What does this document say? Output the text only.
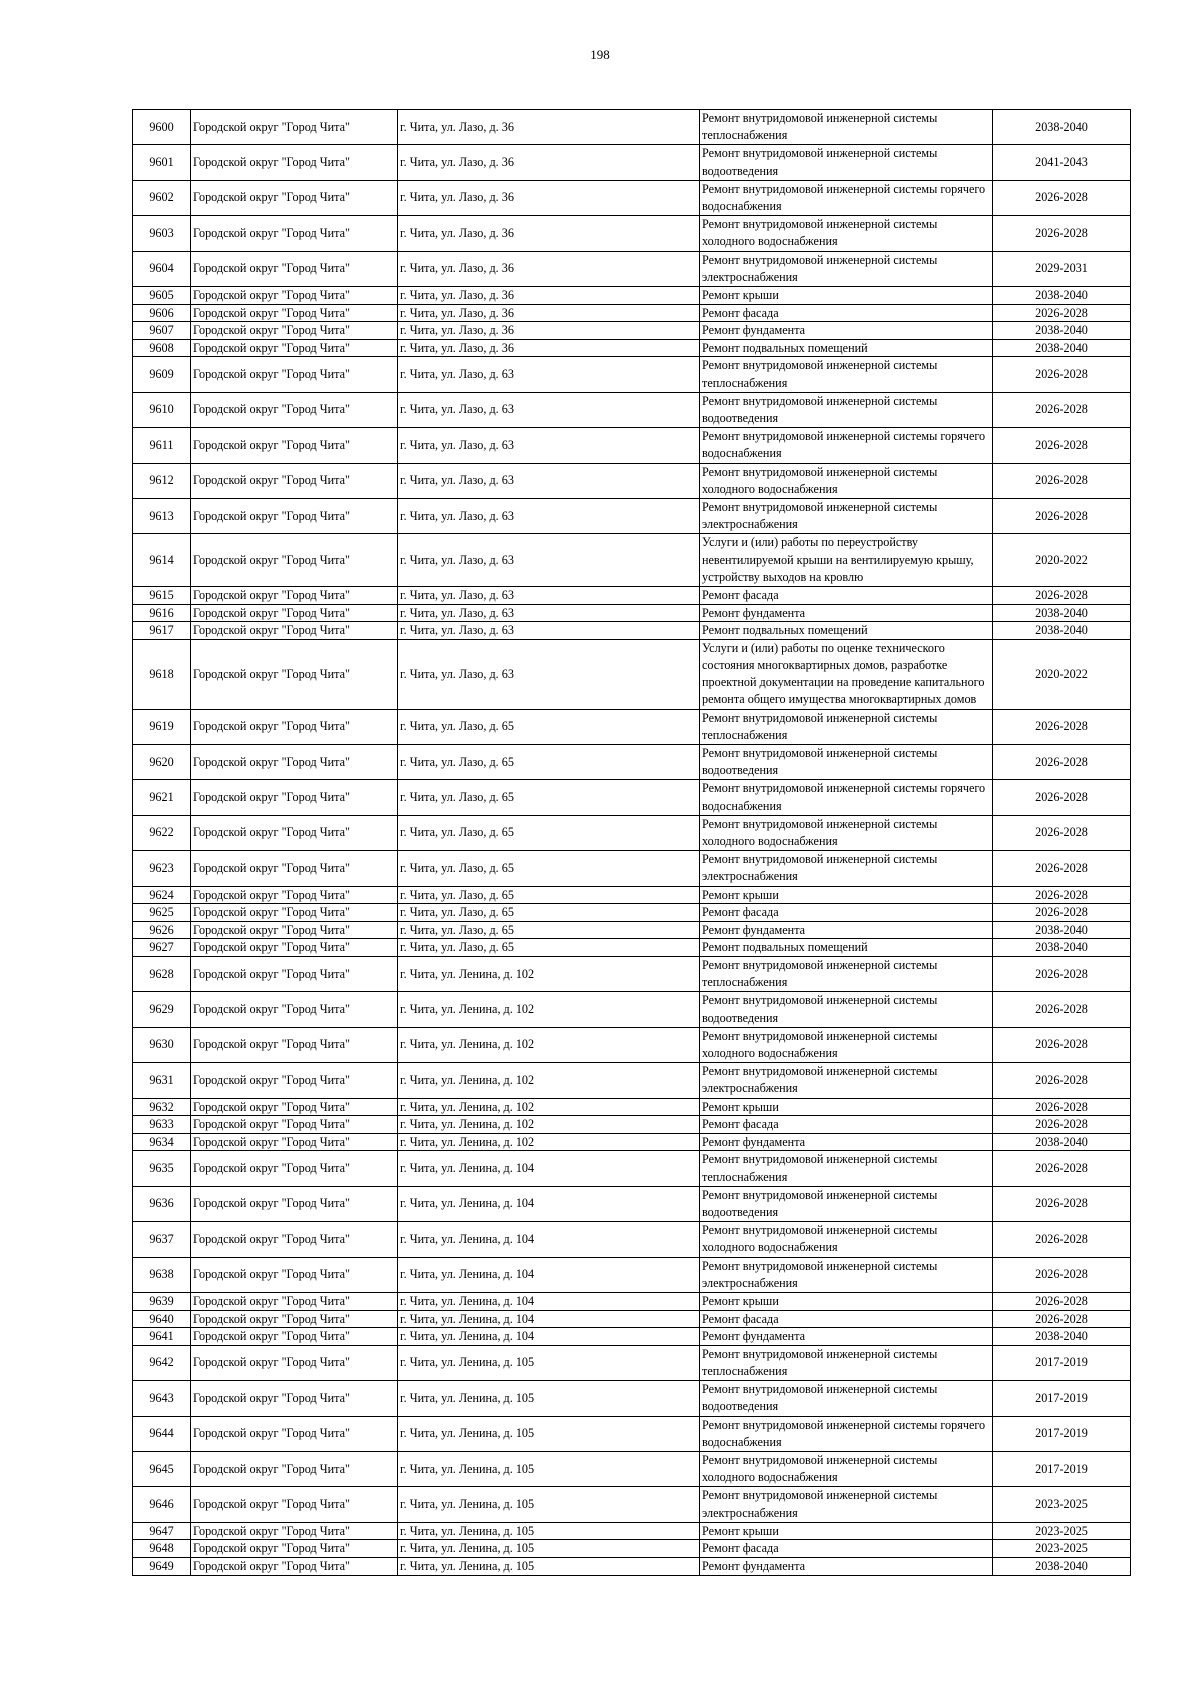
198
9600	Городской округ "Город Чита"	г. Чита, ул. Лазо, д. 36	Ремонт внутридомовой инженерной системы теплоснабжения	2038-2040
9601	Городской округ "Город Чита"	г. Чита, ул. Лазо, д. 36	Ремонт внутридомовой инженерной системы водоотведения	2041-2043
9602	Городской округ "Город Чита"	г. Чита, ул. Лазо, д. 36	Ремонт внутридомовой инженерной системы горячего водоснабжения	2026-2028
9603	Городской округ "Город Чита"	г. Чита, ул. Лазо, д. 36	Ремонт внутридомовой инженерной системы холодного водоснабжения	2026-2028
9604	Городской округ "Город Чита"	г. Чита, ул. Лазо, д. 36	Ремонт внутридомовой инженерной системы электроснабжения	2029-2031
9605	Городской округ "Город Чита"	г. Чита, ул. Лазо, д. 36	Ремонт крыши	2038-2040
9606	Городской округ "Город Чита"	г. Чита, ул. Лазо, д. 36	Ремонт фасада	2026-2028
9607	Городской округ "Город Чита"	г. Чита, ул. Лазо, д. 36	Ремонт фундамента	2038-2040
9608	Городской округ "Город Чита"	г. Чита, ул. Лазо, д. 36	Ремонт подвальных помещений	2038-2040
9609	Городской округ "Город Чита"	г. Чита, ул. Лазо, д. 63	Ремонт внутридомовой инженерной системы теплоснабжения	2026-2028
9610	Городской округ "Город Чита"	г. Чита, ул. Лазо, д. 63	Ремонт внутридомовой инженерной системы водоотведения	2026-2028
9611	Городской округ "Город Чита"	г. Чита, ул. Лазо, д. 63	Ремонт внутридомовой инженерной системы горячего водоснабжения	2026-2028
9612	Городской округ "Город Чита"	г. Чита, ул. Лазо, д. 63	Ремонт внутридомовой инженерной системы холодного водоснабжения	2026-2028
9613	Городской округ "Город Чита"	г. Чита, ул. Лазо, д. 63	Ремонт внутридомовой инженерной системы электроснабжения	2026-2028
9614	Городской округ "Город Чита"	г. Чита, ул. Лазо, д. 63	Услуги и (или) работы по переустройству невентилируемой крыши на вентилируемую крышу, устройству выходов на кровлю	2020-2022
9615	Городской округ "Город Чита"	г. Чита, ул. Лазо, д. 63	Ремонт фасада	2026-2028
9616	Городской округ "Город Чита"	г. Чита, ул. Лазо, д. 63	Ремонт фундамента	2038-2040
9617	Городской округ "Город Чита"	г. Чита, ул. Лазо, д. 63	Ремонт подвальных помещений	2038-2040
9618	Городской округ "Город Чита"	г. Чита, ул. Лазо, д. 63	Услуги и (или) работы по оценке технического состояния многоквартирных домов, разработке проектной документации на проведение капитального ремонта общего имущества многоквартирных домов	2020-2022
9619	Городской округ "Город Чита"	г. Чита, ул. Лазо, д. 65	Ремонт внутридомовой инженерной системы теплоснабжения	2026-2028
9620	Городской округ "Город Чита"	г. Чита, ул. Лазо, д. 65	Ремонт внутридомовой инженерной системы водоотведения	2026-2028
9621	Городской округ "Город Чита"	г. Чита, ул. Лазо, д. 65	Ремонт внутридомовой инженерной системы горячего водоснабжения	2026-2028
9622	Городской округ "Город Чита"	г. Чита, ул. Лазо, д. 65	Ремонт внутридомовой инженерной системы холодного водоснабжения	2026-2028
9623	Городской округ "Город Чита"	г. Чита, ул. Лазо, д. 65	Ремонт внутридомовой инженерной системы электроснабжения	2026-2028
9624	Городской округ "Город Чита"	г. Чита, ул. Лазо, д. 65	Ремонт крыши	2026-2028
9625	Городской округ "Город Чита"	г. Чита, ул. Лазо, д. 65	Ремонт фасада	2026-2028
9626	Городской округ "Город Чита"	г. Чита, ул. Лазо, д. 65	Ремонт фундамента	2038-2040
9627	Городской округ "Город Чита"	г. Чита, ул. Лазо, д. 65	Ремонт подвальных помещений	2038-2040
9628	Городской округ "Город Чита"	г. Чита, ул. Ленина, д. 102	Ремонт внутридомовой инженерной системы теплоснабжения	2026-2028
9629	Городской округ "Город Чита"	г. Чита, ул. Ленина, д. 102	Ремонт внутридомовой инженерной системы водоотведения	2026-2028
9630	Городской округ "Город Чита"	г. Чита, ул. Ленина, д. 102	Ремонт внутридомовой инженерной системы холодного водоснабжения	2026-2028
9631	Городской округ "Город Чита"	г. Чита, ул. Ленина, д. 102	Ремонт внутридомовой инженерной системы электроснабжения	2026-2028
9632	Городской округ "Город Чита"	г. Чита, ул. Ленина, д. 102	Ремонт крыши	2026-2028
9633	Городской округ "Город Чита"	г. Чита, ул. Ленина, д. 102	Ремонт фасада	2026-2028
9634	Городской округ "Город Чита"	г. Чита, ул. Ленина, д. 102	Ремонт фундамента	2038-2040
9635	Городской округ "Город Чита"	г. Чита, ул. Ленина, д. 104	Ремонт внутридомовой инженерной системы теплоснабжения	2026-2028
9636	Городской округ "Город Чита"	г. Чита, ул. Ленина, д. 104	Ремонт внутридомовой инженерной системы водоотведения	2026-2028
9637	Городской округ "Город Чита"	г. Чита, ул. Ленина, д. 104	Ремонт внутридомовой инженерной системы холодного водоснабжения	2026-2028
9638	Городской округ "Город Чита"	г. Чита, ул. Ленина, д. 104	Ремонт внутридомовой инженерной системы электроснабжения	2026-2028
9639	Городской округ "Город Чита"	г. Чита, ул. Ленина, д. 104	Ремонт крыши	2026-2028
9640	Городской округ "Город Чита"	г. Чита, ул. Ленина, д. 104	Ремонт фасада	2026-2028
9641	Городской округ "Город Чита"	г. Чита, ул. Ленина, д. 104	Ремонт фундамента	2038-2040
9642	Городской округ "Город Чита"	г. Чита, ул. Ленина, д. 105	Ремонт внутридомовой инженерной системы теплоснабжения	2017-2019
9643	Городской округ "Город Чита"	г. Чита, ул. Ленина, д. 105	Ремонт внутридомовой инженерной системы водоотведения	2017-2019
9644	Городской округ "Город Чита"	г. Чита, ул. Ленина, д. 105	Ремонт внутридомовой инженерной системы горячего водоснабжения	2017-2019
9645	Городской округ "Город Чита"	г. Чита, ул. Ленина, д. 105	Ремонт внутридомовой инженерной системы холодного водоснабжения	2017-2019
9646	Городской округ "Город Чита"	г. Чита, ул. Ленина, д. 105	Ремонт внутридомовой инженерной системы электроснабжения	2023-2025
9647	Городской округ "Город Чита"	г. Чита, ул. Ленина, д. 105	Ремонт крыши	2023-2025
9648	Городской округ "Город Чита"	г. Чита, ул. Ленина, д. 105	Ремонт фасада	2023-2025
9649	Городской округ "Город Чита"	г. Чита, ул. Ленина, д. 105	Ремонт фундамента	2038-2040
